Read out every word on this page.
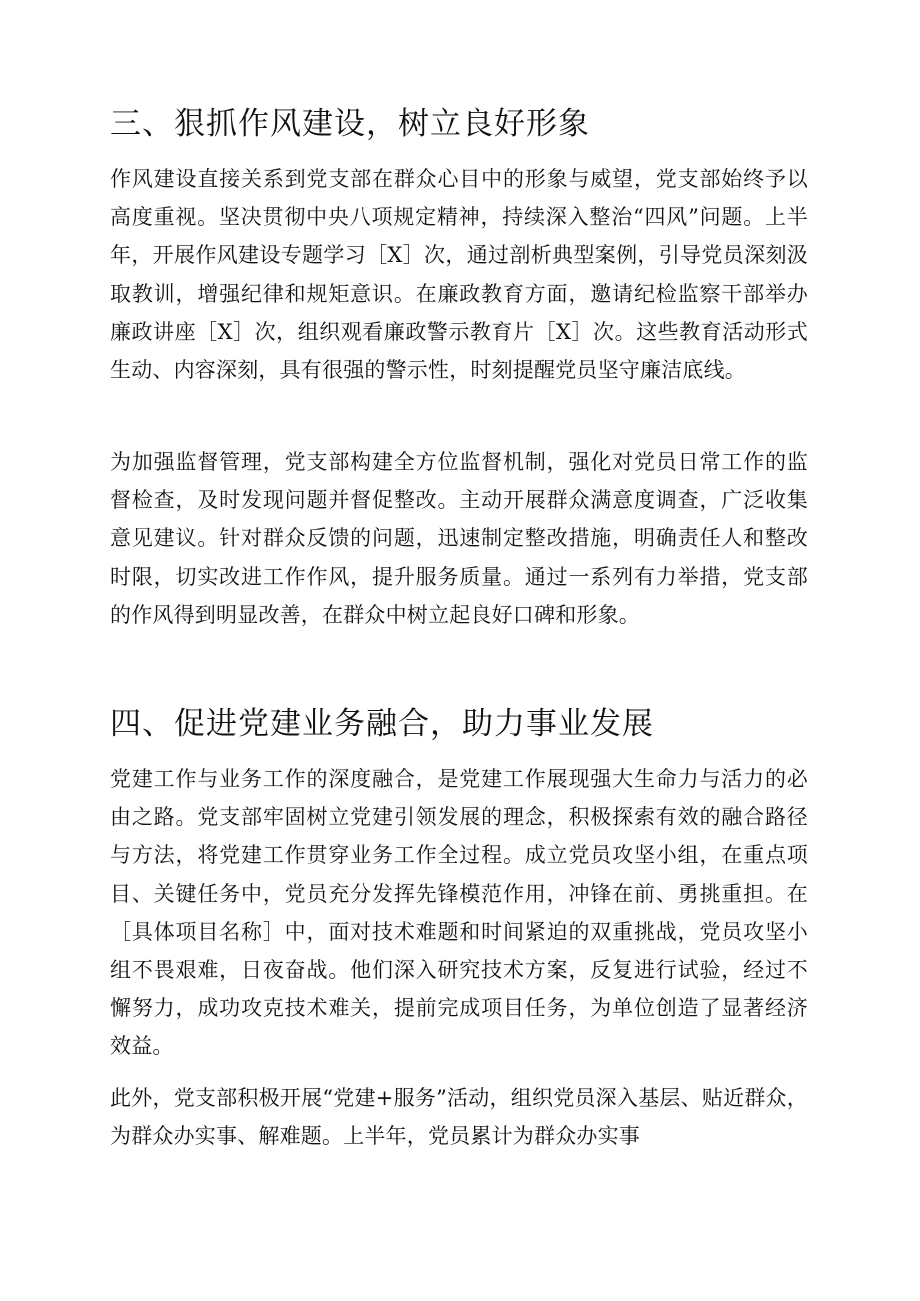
三、狠抓作风建设，树立良好形象

作风建设直接关系到党支部在群众心目中的形象与威望，党支部始终予以高度重视。坚决贯彻中央八项规定精神，持续深入整治“四风”问题。上半年，开展作风建设专题学习［X］次，通过剖析典型案例，引导党员深刻汲取教训，增强纪律和规矩意识。在廉政教育方面，邀请纪检监察干部举办廉政讲座［X］次，组织观看廉政警示教育片［X］次。这些教育活动形式生动、内容深刻，具有很强的警示性，时刻提醒党员坚守廉洁底线。

为加强监督管理，党支部构建全方位监督机制，强化对党员日常工作的监督检查，及时发现问题并督促整改。主动开展群众满意度调查，广泛收集意见建议。针对群众反馈的问题，迅速制定整改措施，明确责任人和整改时限，切实改进工作作风，提升服务质量。通过一系列有力举措，党支部的作风得到明显改善，在群众中树立起良好口碑和形象。

四、促进党建业务融合，助力事业发展

党建工作与业务工作的深度融合，是党建工作展现强大生命力与活力的必由之路。党支部牢固树立党建引领发展的理念，积极探索有效的融合路径与方法，将党建工作贯穿业务工作全过程。成立党员攻坚小组，在重点项目、关键任务中，党员充分发挥先锋模范作用，冲锋在前、勇挑重担。在［具体项目名称］中，面对技术难题和时间紧迫的双重挑战，党员攻坚小组不畏艰难，日夜奋战。他们深入研究技术方案，反复进行试验，经过不懈努力，成功攻克技术难关，提前完成项目任务，为单位创造了显著经济效益。

此外，党支部积极开展“党建+服务”活动，组织党员深入基层、贴近群众，为群众办实事、解难题。上半年，党员累计为群众办实事
